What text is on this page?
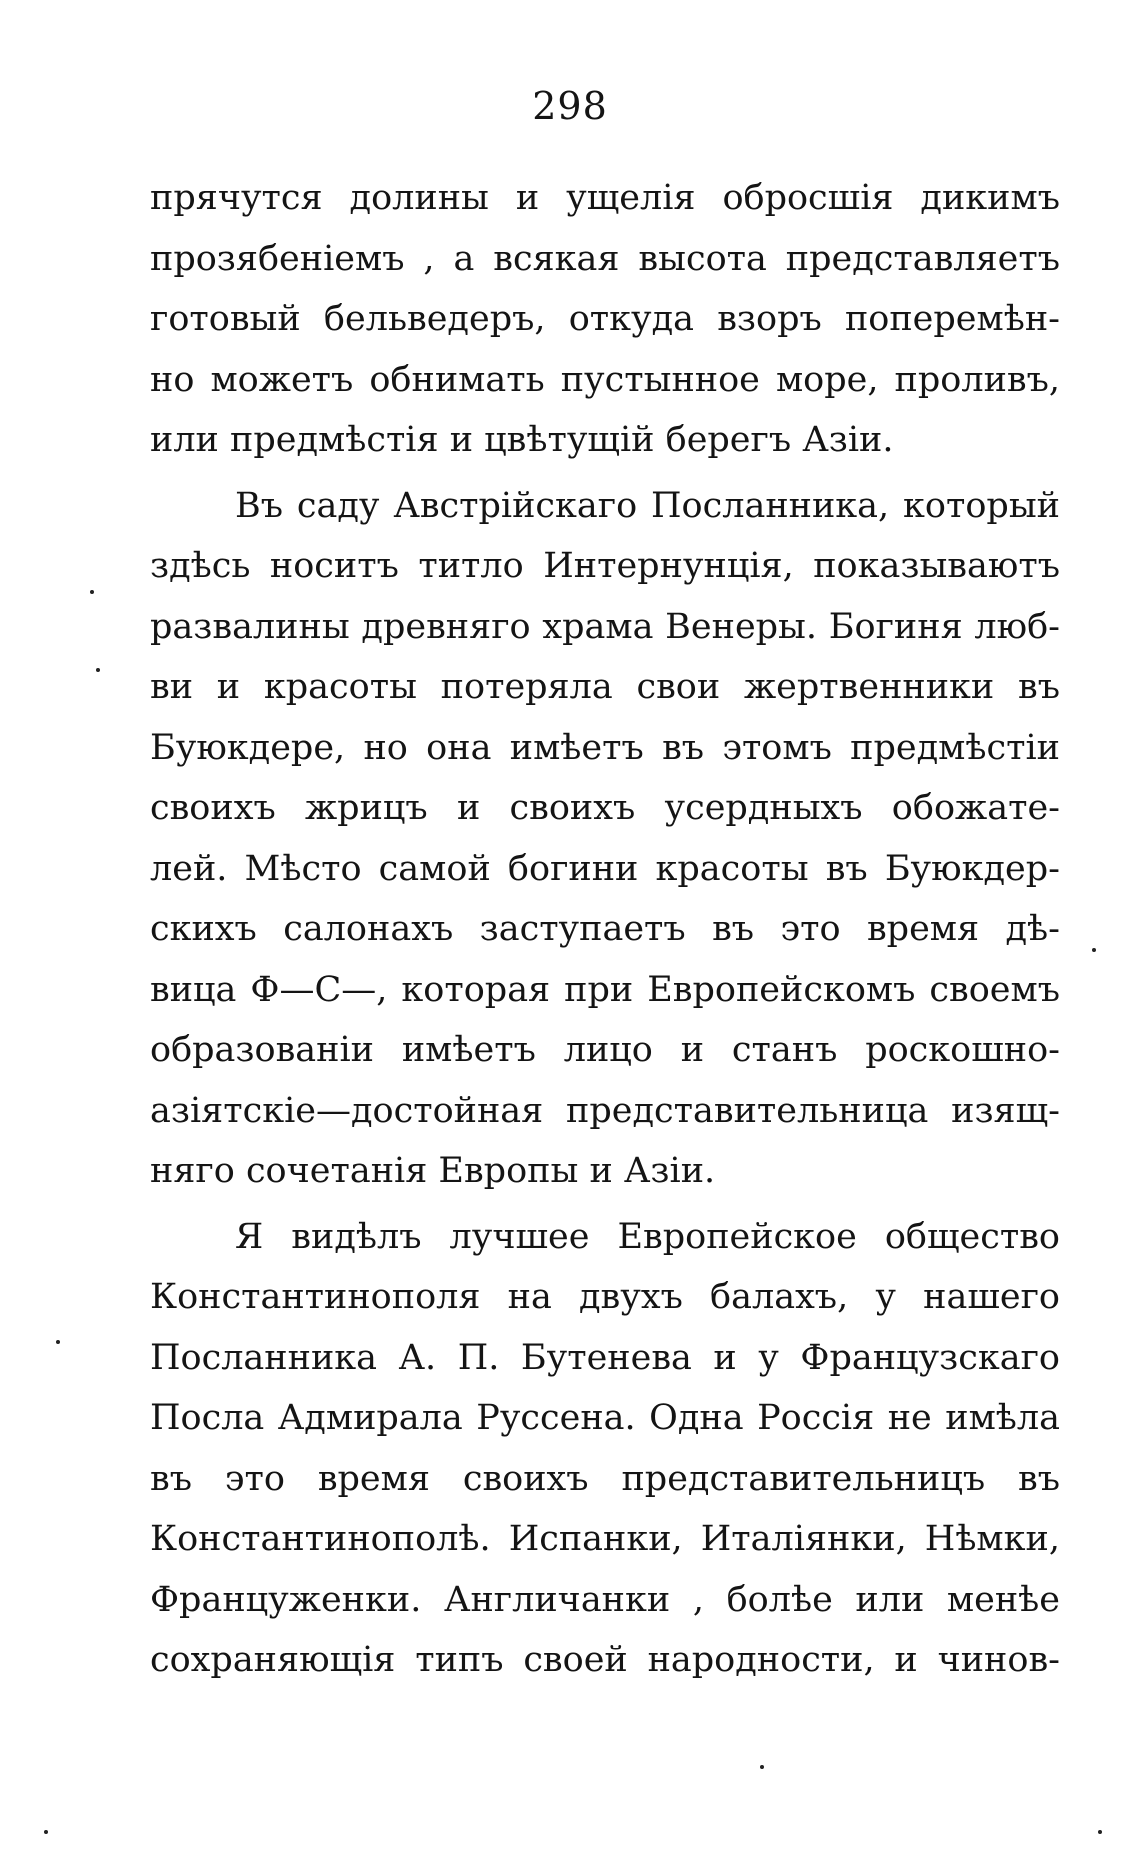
298
прячутся долины и ущелія обросшія дикимъ
прозябеніемъ , а всякая высота представляетъ
готовый бельведеръ, откуда взоръ поперемѣн-
но можетъ обнимать пустынное море, проливъ,
или предмѣстія и цвѣтущій берегъ Азіи.
Въ саду Австрійскаго Посланника, который
здѣсь носитъ титло Интернунція, показываютъ
развалины древняго храма Венеры. Богиня люб-
ви и красоты потеряла свои жертвенники въ
Буюкдере, но она имѣетъ въ этомъ предмѣстіи
своихъ жрицъ и своихъ усердныхъ обожате-
лей. Мѣсто самой богини красоты въ Буюкдер-
скихъ салонахъ заступаетъ въ это время дѣ-
вица Ф—С—, которая при Европейскомъ своемъ
образованіи имѣетъ лицо и станъ роскошно-
азіятскіе—достойная представительница изящ-
няго сочетанія Европы и Азіи.
Я видѣлъ лучшее Европейское общество
Константинополя на двухъ балахъ, у нашего
Посланника А. П. Бутенева и у Французскаго
Посла Адмирала Руссена. Одна Россія не имѣла
въ это время своихъ представительницъ въ
Константинополѣ. Испанки, Италіянки, Нѣмки,
Француженки. Англичанки , болѣе или менѣе
сохраняющія типъ своей народности, и чинов-
